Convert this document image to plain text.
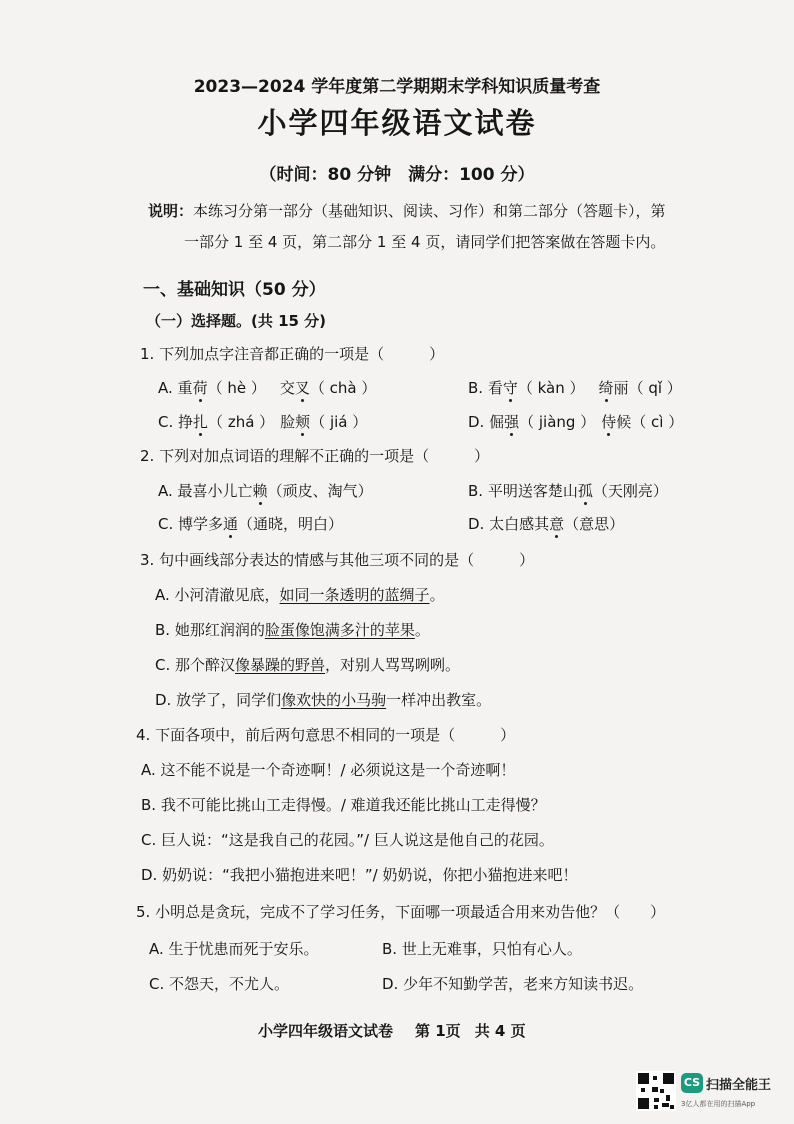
2023—2024 学年度第二学期期末学科知识质量考查
小学四年级语文试卷
（时间：80 分钟　满分：100 分）
说明：本练习分第一部分（基础知识、阅读、习作）和第二部分（答题卡），第
一部分 1 至 4 页，第二部分 1 至 4 页，请同学们把答案做在答题卡内。
一、基础知识（50 分）
（一）选择题。(共 15 分)
1. 下列加点字注音都正确的一项是（　　　）
A. 重荷（ hè ） 交叉（ chà ）	B. 看守（ kàn ） 绮丽（ qǐ ）
C. 挣扎（ zhá ） 脸颊（ jiá ）	D. 倔强（ jiàng ） 侍候（ cì ）
2. 下列对加点词语的理解不正确的一项是（　　　）
A. 最喜小儿亡赖（顽皮、淘气）	B. 平明送客楚山孤（天刚亮）
C. 博学多通（通晓，明白）	D. 太白感其意（意思）
3. 句中画线部分表达的情感与其他三项不同的是（　　　）
A. 小河清澈见底，如同一条透明的蓝绸子。
B. 她那红润润的脸蛋像饱满多汁的苹果。
C. 那个醉汉像暴躁的野兽，对别人骂骂咧咧。
D. 放学了，同学们像欢快的小马驹一样冲出教室。
4. 下面各项中，前后两句意思不相同的一项是（　　　）
A. 这不能不说是一个奇迹啊！/ 必须说这是一个奇迹啊！
B. 我不可能比挑山工走得慢。/ 难道我还能比挑山工走得慢？
C. 巨人说：“这是我自己的花园。”/ 巨人说这是他自己的花园。
D. 奶奶说：“我把小猫抱进来吧！”/ 奶奶说，你把小猫抱进来吧！
5. 小明总是贪玩，完成不了学习任务，下面哪一项最适合用来劝告他？（　　）
A. 生于忧患而死于安乐。	B. 世上无难事，只怕有心人。
C. 不怨天，不尤人。	D. 少年不知勤学苦，老来方知读书迟。
小学四年级语文试卷 第 1页 共 4 页
CS 扫描全能王
3亿人都在用的扫描App
